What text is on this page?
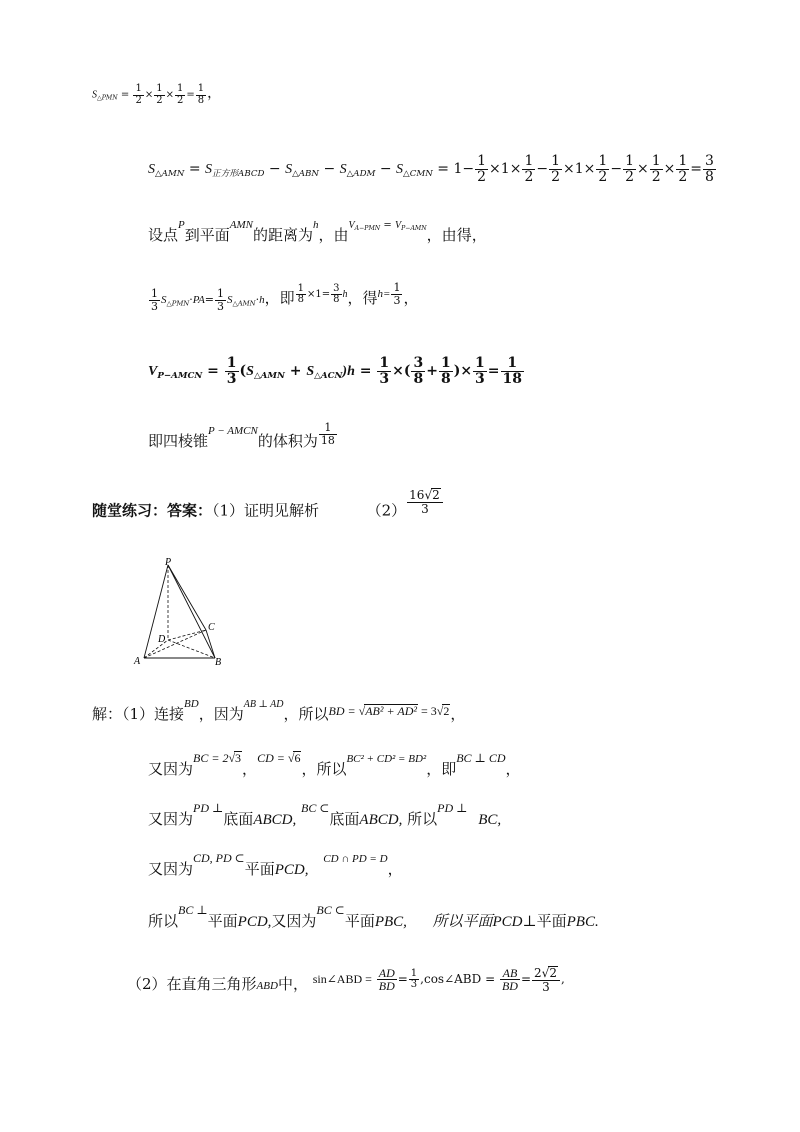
$S_{\triangle PMN} = \frac{1}{2} \times \frac{1}{2} \times \frac{1}{2} = \frac{1}{8}$ ，
$S_{\triangle AMN} = S_{正方形ABCD} - S_{\triangle ABN} - S_{\triangle ADM} - S_{\triangle CMN} = 1- \frac{1}{2} \times 1\times \frac{1}{2} - \frac{1}{2} \times 1\times \frac{1}{2} - \frac{1}{2} \times \frac{1}{2} \times \frac{1}{2} = \frac{3}{8}$
设点P到平面AMN的距离为h，由$V_{A-PMN} = V_{P-AMN}$，由得，
$\frac{1}{3} S_{\triangle PMN}\cdot PA= \frac{1}{3} S_{\triangle AMN}\cdot h$，即 $^{\frac{1}{8} \times 1= \frac{3}{8} h}$，得$^{h= \frac{1}{3}}$ ，
$V_{P-AMCN} = \frac{1}{3} (S_{\triangle AMN} + S_{\triangle ACN})h = \frac{1}{3}$ ×( $\frac{3}{8} + \frac{1}{8}$ )× $\frac{1}{3} = \frac{1}{18}$
即四棱锥P − AMCN的体积为 $\frac{1}{18}$
随堂练习：答案：（1）证明见解析	$(2) \frac{16√2}{3}$
P
C
D
A	B
解：（1）连接BD，因为AB ⊥ AD，所以BD = √AB² + AD² = 3√2，
又因为BC = 2√3，CD = √6，所以BC² + CD² = BD²，即BC ⊥ CD，
又因为PD ⊥底面ABCD, BC ⊂底面ABCD, 所以PD ⊥ BC,
又因为CD, PD ⊂平面PCD, CD ∩ PD = D，
所以BC ⊥平面PCD,又因为BC ⊂平面PBC, 所以平面PCD⊥平面PBC.
（2）在直角三角形ABD中， $^{sin\angle ABD = \frac{AD}{BD} = \frac{1}{3} ,cos\angle ABD = \frac{AB}{BD} = \frac{2√2}{3} ,}$
